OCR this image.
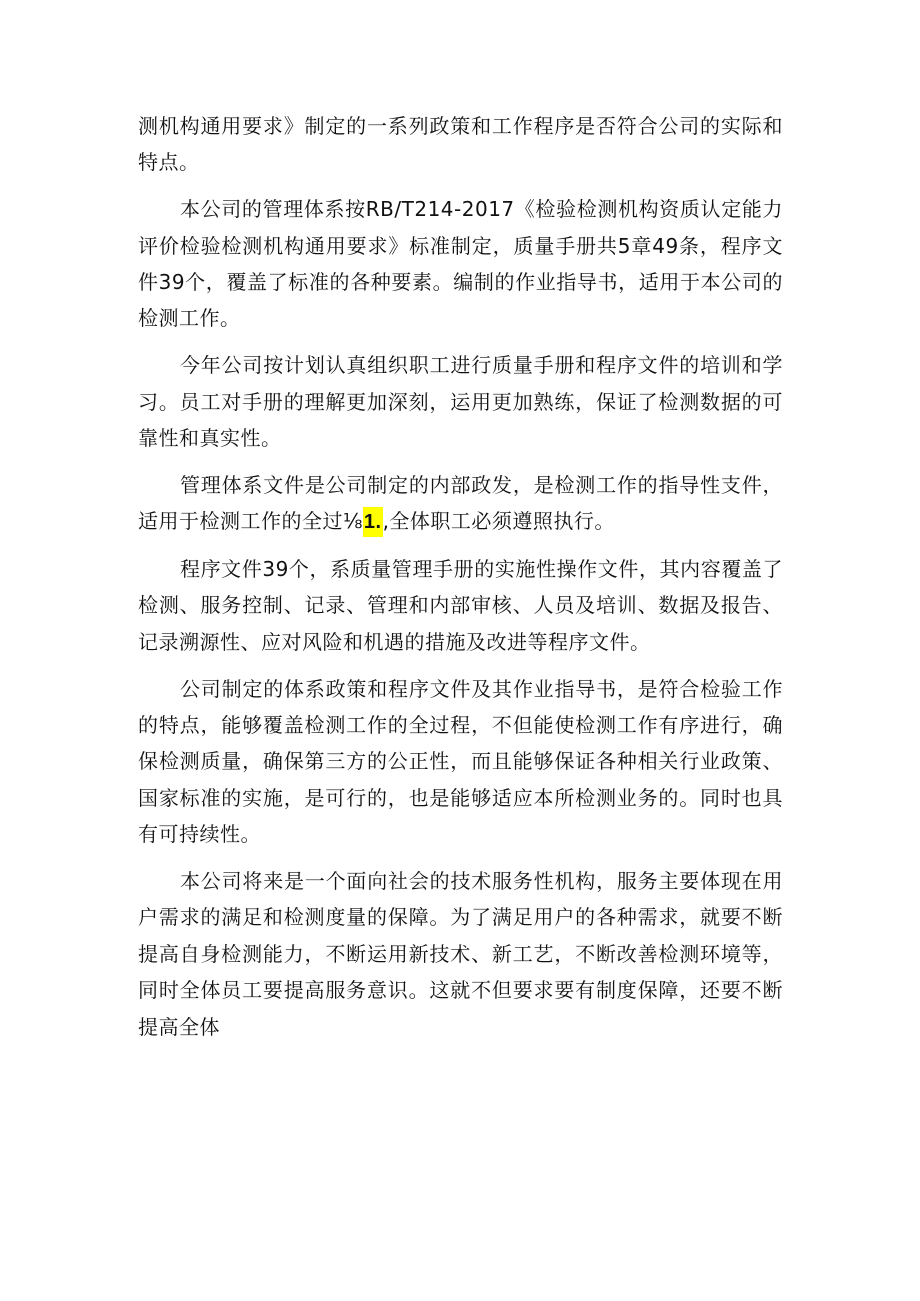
测机构通用要求》制定的一系列政策和工作程序是否符合公司的实际和特点。

本公司的管理体系按RB/T214-2017《检验检测机构资质认定能力评价检验检测机构通用要求》标准制定，质量手册共5章49条，程序文件39个，覆盖了标准的各种要素。编制的作业指导书，适用于本公司的检测工作。

今年公司按计划认真组织职工进行质量手册和程序文件的培训和学习。员工对手册的理解更加深刻，运用更加熟练，保证了检测数据的可靠性和真实性。

管理体系文件是公司制定的内部政发，是检测工作的指导性支件，适用于检测工作的全过⅛1.,全体职工必须遵照执行。

程序文件39个，系质量管理手册的实施性操作文件，其内容覆盖了检测、服务控制、记录、管理和内部审核、人员及培训、数据及报告、记录溯源性、应对风险和机遇的措施及改进等程序文件。

公司制定的体系政策和程序文件及其作业指导书，是符合检验工作的特点，能够覆盖检测工作的全过程，不但能使检测工作有序进行，确保检测质量，确保第三方的公正性，而且能够保证各种相关行业政策、国家标准的实施，是可行的，也是能够适应本所检测业务的。同时也具有可持续性。

本公司将来是一个面向社会的技术服务性机构，服务主要体现在用户需求的满足和检测度量的保障。为了满足用户的各种需求，就要不断提高自身检测能力，不断运用新技术、新工艺，不断改善检测环境等，同时全体员工要提高服务意识。这就不但要求要有制度保障，还要不断提高全体
